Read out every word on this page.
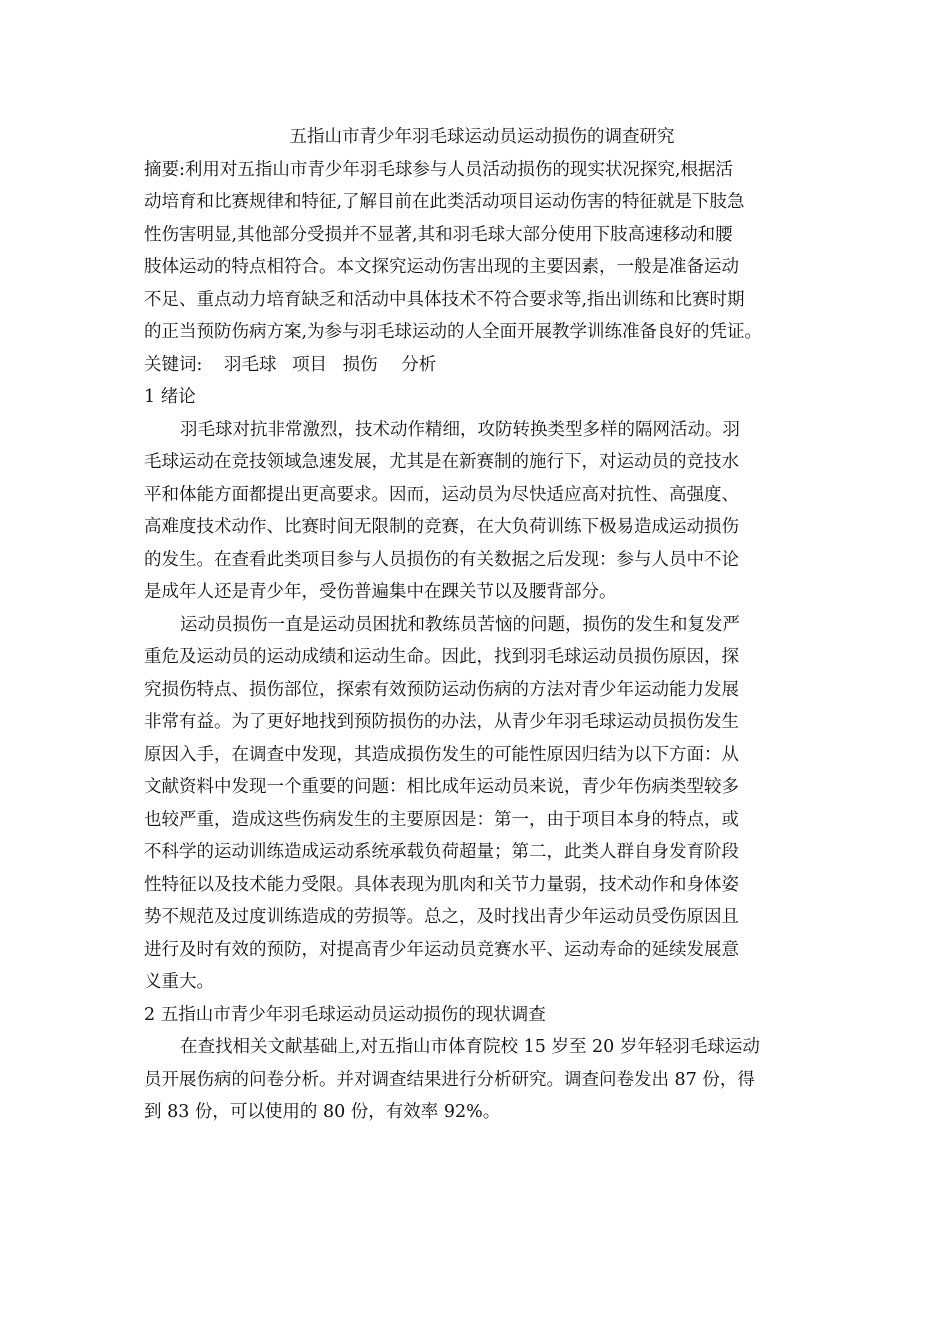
五指山市青少年羽毛球运动员运动损伤的调查研究
摘要:利用对五指山市青少年羽毛球参与人员活动损伤的现实状况探究,根据活
动培育和比赛规律和特征,了解目前在此类活动项目运动伤害的特征就是下肢急
性伤害明显,其他部分受损并不显著,其和羽毛球大部分使用下肢高速移动和腰
肢体运动的特点相符合。本文探究运动伤害出现的主要因素，一般是准备运动
不足、重点动力培育缺乏和活动中具体技术不符合要求等,指出训练和比赛时期
的正当预防伤病方案,为参与羽毛球运动的人全面开展教学训练准备良好的凭证。
关键词: 羽毛球 项目 损伤 分析
1 绪论
羽毛球对抗非常激烈，技术动作精细，攻防转换类型多样的隔网活动。羽
毛球运动在竞技领域急速发展，尤其是在新赛制的施行下，对运动员的竞技水
平和体能方面都提出更高要求。因而，运动员为尽快适应高对抗性、高强度、
高难度技术动作、比赛时间无限制的竞赛，在大负荷训练下极易造成运动损伤
的发生。在查看此类项目参与人员损伤的有关数据之后发现：参与人员中不论
是成年人还是青少年，受伤普遍集中在踝关节以及腰背部分。
运动员损伤一直是运动员困扰和教练员苦恼的问题，损伤的发生和复发严
重危及运动员的运动成绩和运动生命。因此，找到羽毛球运动员损伤原因，探
究损伤特点、损伤部位，探索有效预防运动伤病的方法对青少年运动能力发展
非常有益。为了更好地找到预防损伤的办法，从青少年羽毛球运动员损伤发生
原因入手，在调查中发现，其造成损伤发生的可能性原因归结为以下方面：从
文献资料中发现一个重要的问题：相比成年运动员来说，青少年伤病类型较多
也较严重，造成这些伤病发生的主要原因是：第一，由于项目本身的特点，或
不科学的运动训练造成运动系统承载负荷超量；第二，此类人群自身发育阶段
性特征以及技术能力受限。具体表现为肌肉和关节力量弱，技术动作和身体姿
势不规范及过度训练造成的劳损等。总之，及时找出青少年运动员受伤原因且
进行及时有效的预防，对提高青少年运动员竞赛水平、运动寿命的延续发展意
义重大。
2 五指山市青少年羽毛球运动员运动损伤的现状调查
在查找相关文献基础上,对五指山市体育院校 15 岁至 20 岁年轻羽毛球运动
员开展伤病的问卷分析。并对调查结果进行分析研究。调查问卷发出 87 份，得
到 83 份，可以使用的 80 份，有效率 92%。
